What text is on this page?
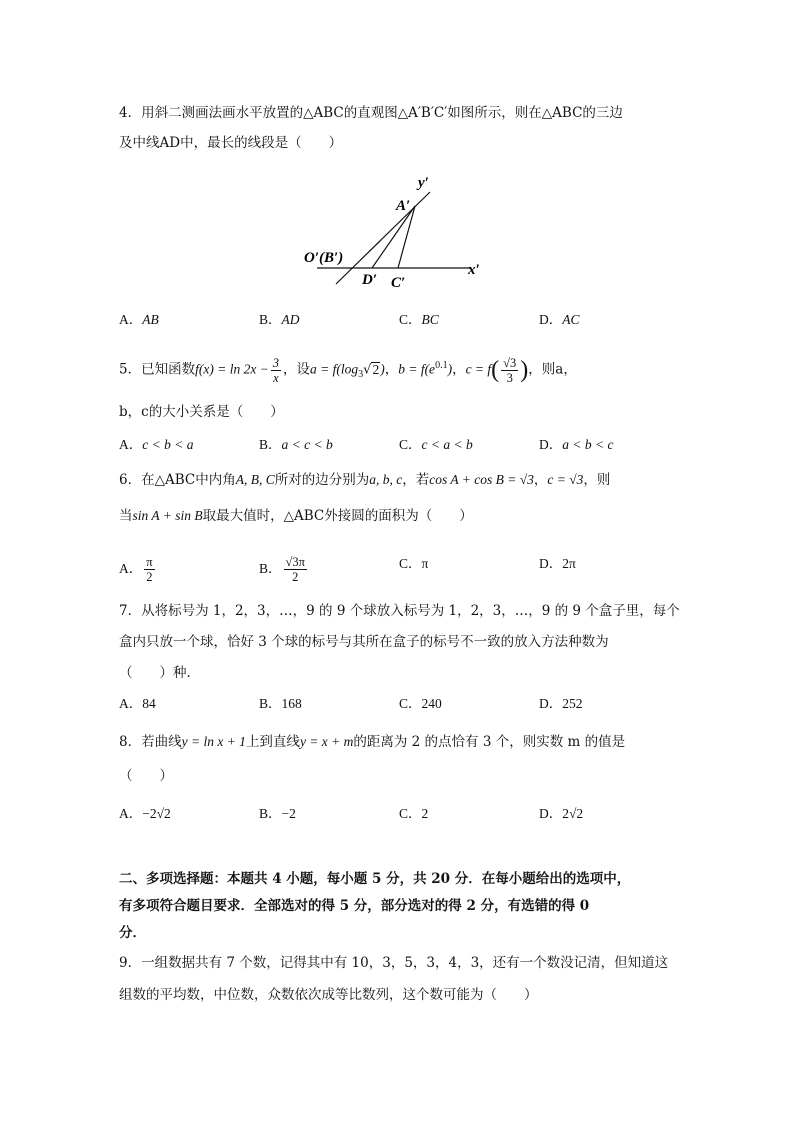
4．用斜二测画法画水平放置的△ABC的直观图△A′B′C′如图所示，则在△ABC的三边
及中线AD中，最长的线段是（　　）
y′
A′
O′(B′)
D′ C′
x′
A．AB	B．AD	C．BC	D．AC
5．已知函数$f(x) = \ln 2x - \frac{3}{x}$ ，设$a = f(\log_3√2)$，$b = f(e^{0.1})$，$c = f( \frac{√3}{3}$ )，则a，
b，c的大小关系是（　　）
A．c < b < a	B．a < c < b	C．c < a < b	D．a < b < c
6．在△ABC中内角A, B, C所对的边分别为a, b, c，若cos A + cos B = √3，c = √3，则
当sin A + sin B取最大值时，△ABC外接圆的面积为（　　）
A． $\frac{\pi}{2}$	B． $\frac{√3\pi}{2}$	C．π	D．2π
7．从将标号为 1，2，3，…，9 的 9 个球放入标号为 1，2，3，…，9 的 9 个盒子里，每个
盒内只放一个球，恰好 3 个球的标号与其所在盒子的标号不一致的放入方法种数为
（　　）种.
A．84	B．168	C．240	D．252
8．若曲线y = ln x + 1上到直线y = x + m的距离为 2 的点恰有 3 个，则实数 m 的值是
（　　）
A．−2√2	B．−2	C．2	D．2√2
二、多项选择题：本题共 4 小题，每小题 5 分，共 20 分．在每小题给出的选项中，
有多项符合题目要求．全部选对的得 5 分，部分选对的得 2 分，有选错的得 0
分．
9．一组数据共有 7 个数，记得其中有 10，3，5，3，4，3，还有一个数没记清，但知道这
组数的平均数，中位数，众数依次成等比数列，这个数可能为（　　）
